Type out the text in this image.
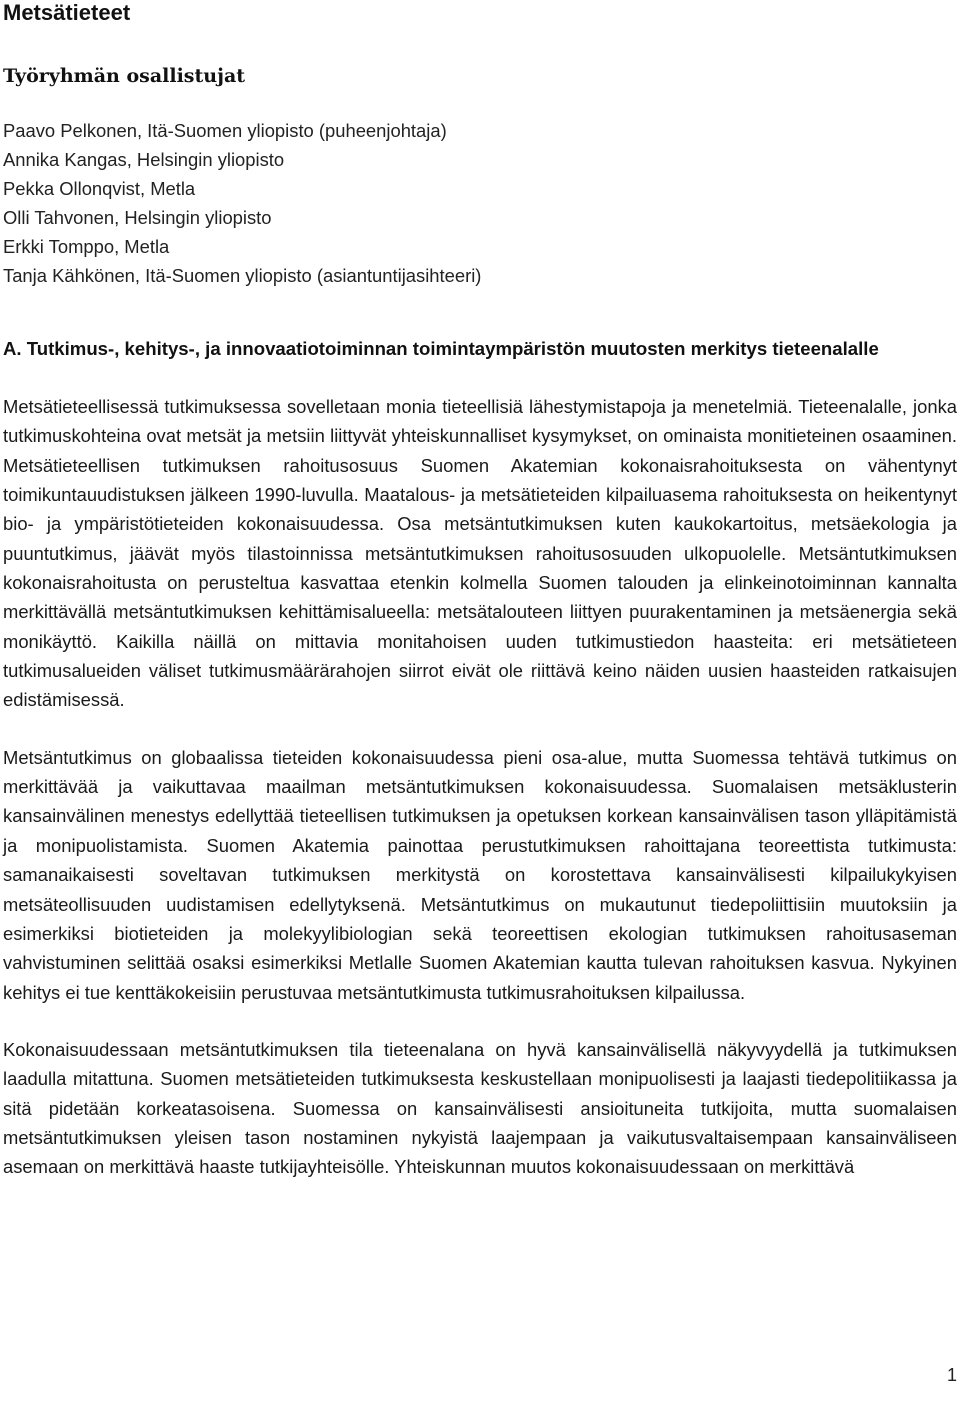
Metsätieteet
Työryhmän osallistujat
Paavo Pelkonen, Itä-Suomen yliopisto (puheenjohtaja)
Annika Kangas, Helsingin yliopisto
Pekka Ollonqvist, Metla
Olli Tahvonen, Helsingin yliopisto
Erkki Tomppo, Metla
Tanja Kähkönen, Itä-Suomen yliopisto (asiantuntijasihteeri)
A. Tutkimus-, kehitys-, ja innovaatiotoiminnan toimintaympäristön muutosten merkitys tieteenalalle

Metsätieteellisessä tutkimuksessa sovelletaan monia tieteellisiä lähestymistapoja ja menetelmiä. Tieteenalalle, jonka tutkimuskohteina ovat metsät ja metsiin liittyvät yhteiskunnalliset kysymykset, on ominaista monitieteinen osaaminen. Metsätieteellisen tutkimuksen rahoitusosuus Suomen Akatemian kokonaisrahoituksesta on vähentynyt toimikuntauudistuksen jälkeen 1990-luvulla. Maatalous- ja metsätieteiden kilpailuasema rahoituksesta on heikentynyt bio- ja ympäristötieteiden kokonaisuudessa. Osa metsäntutkimuksen kuten kaukokartoitus, metsäekologia ja puuntutkimus, jäävät myös tilastoinnissa metsäntutkimuksen rahoitusosuuden ulkopuolelle. Metsäntutkimuksen kokonaisrahoitusta on perusteltua kasvattaa etenkin kolmella Suomen talouden ja elinkeinotoiminnan kannalta merkittävällä metsäntutkimuksen kehittämisalueella: metsätalouteen liittyen puurakentaminen ja metsäenergia sekä monikäyttö. Kaikilla näillä on mittavia monitahoisen uuden tutkimustiedon haasteita: eri metsätieteen tutkimusalueiden väliset tutkimusmäärärahojen siirrot eivät ole riittävä keino näiden uusien haasteiden ratkaisujen edistämisessä.

Metsäntutkimus on globaalissa tieteiden kokonaisuudessa pieni osa-alue, mutta Suomessa tehtävä tutkimus on merkittävää ja vaikuttavaa maailman metsäntutkimuksen kokonaisuudessa. Suomalaisen metsäklusterin kansainvälinen menestys edellyttää tieteellisen tutkimuksen ja opetuksen korkean kansainvälisen tason ylläpitämistä ja monipuolistamista. Suomen Akatemia painottaa perustutkimuksen rahoittajana teoreettista tutkimusta: samanaikaisesti soveltavan tutkimuksen merkitystä on korostettava kansainvälisesti kilpailukykyisen metsäteollisuuden uudistamisen edellytyksenä. Metsäntutkimus on mukautunut tiedepoliittisiin muutoksiin ja esimerkiksi biotieteiden ja molekyylibiologian sekä teoreettisen ekologian tutkimuksen rahoitusaseman vahvistuminen selittää osaksi esimerkiksi Metlalle Suomen Akatemian kautta tulevan rahoituksen kasvua. Nykyinen kehitys ei tue kenttäkokeisiin perustuvaa metsäntutkimusta tutkimusrahoituksen kilpailussa.

Kokonaisuudessaan metsäntutkimuksen tila tieteenalana on hyvä kansainvälisellä näkyvyydellä ja tutkimuksen laadulla mitattuna. Suomen metsätieteiden tutkimuksesta keskustellaan monipuolisesti ja laajasti tiedepolitiikassa ja sitä pidetään korkeatasoisena. Suomessa on kansainvälisesti ansioituneita tutkijoita, mutta suomalaisen metsäntutkimuksen yleisen tason nostaminen nykyistä laajempaan ja vaikutusvaltaisempaan kansainväliseen asemaan on merkittävä haaste tutkijayhteisölle. Yhteiskunnan muutos kokonaisuudessaan on merkittävä

1
